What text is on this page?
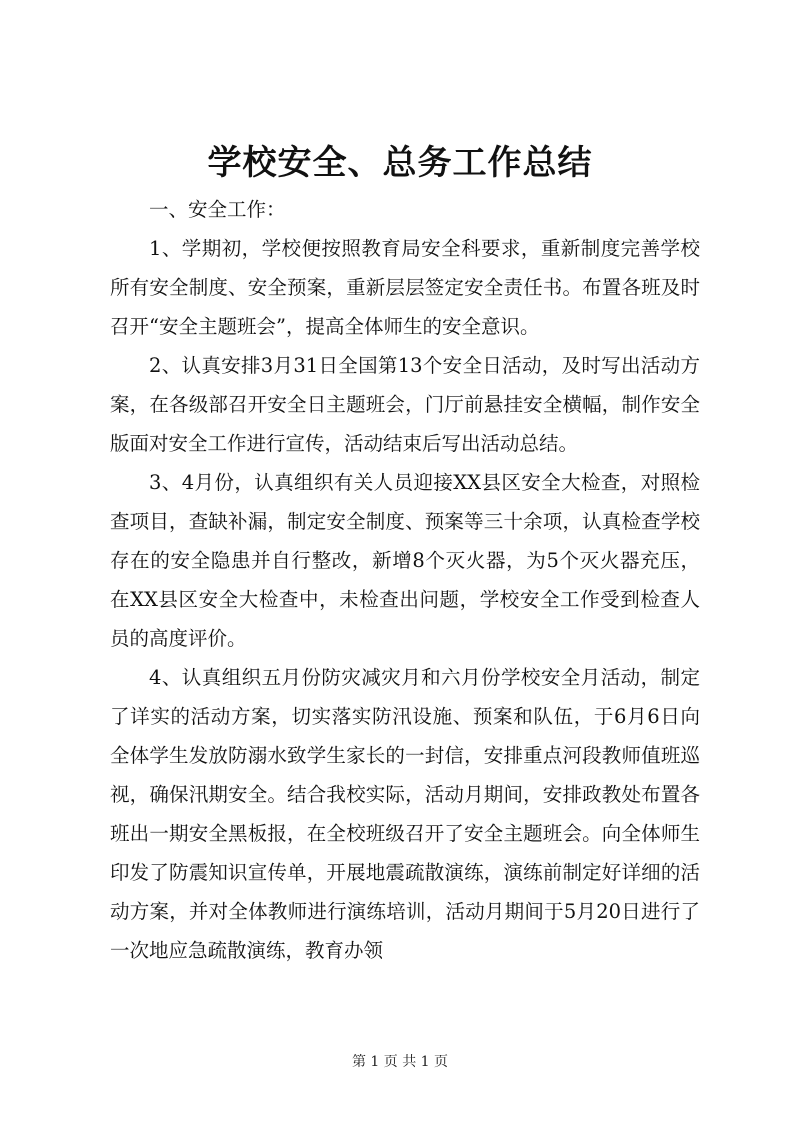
学校安全、总务工作总结

一、安全工作：

1、学期初，学校便按照教育局安全科要求，重新制度完善学校所有安全制度、安全预案，重新层层签定安全责任书。布置各班及时召开“安全主题班会”，提高全体师生的安全意识。

2、认真安排3月31日全国第13个安全日活动，及时写出活动方案，在各级部召开安全日主题班会，门厅前悬挂安全横幅，制作安全版面对安全工作进行宣传，活动结束后写出活动总结。

3、4月份，认真组织有关人员迎接XX县区安全大检查，对照检查项目，查缺补漏，制定安全制度、预案等三十余项，认真检查学校存在的安全隐患并自行整改，新增8个灭火器，为5个灭火器充压，在XX县区安全大检查中，未检查出问题，学校安全工作受到检查人员的高度评价。

4、认真组织五月份防灾减灾月和六月份学校安全月活动，制定了详实的活动方案，切实落实防汛设施、预案和队伍，于6月6日向全体学生发放防溺水致学生家长的一封信，安排重点河段教师值班巡视，确保汛期安全。结合我校实际，活动月期间，安排政教处布置各班出一期安全黑板报，在全校班级召开了安全主题班会。向全体师生印发了防震知识宣传单，开展地震疏散演练，演练前制定好详细的活动方案，并对全体教师进行演练培训，活动月期间于5月20日进行了一次地应急疏散演练，教育办领

第 1 页 共 1 页
